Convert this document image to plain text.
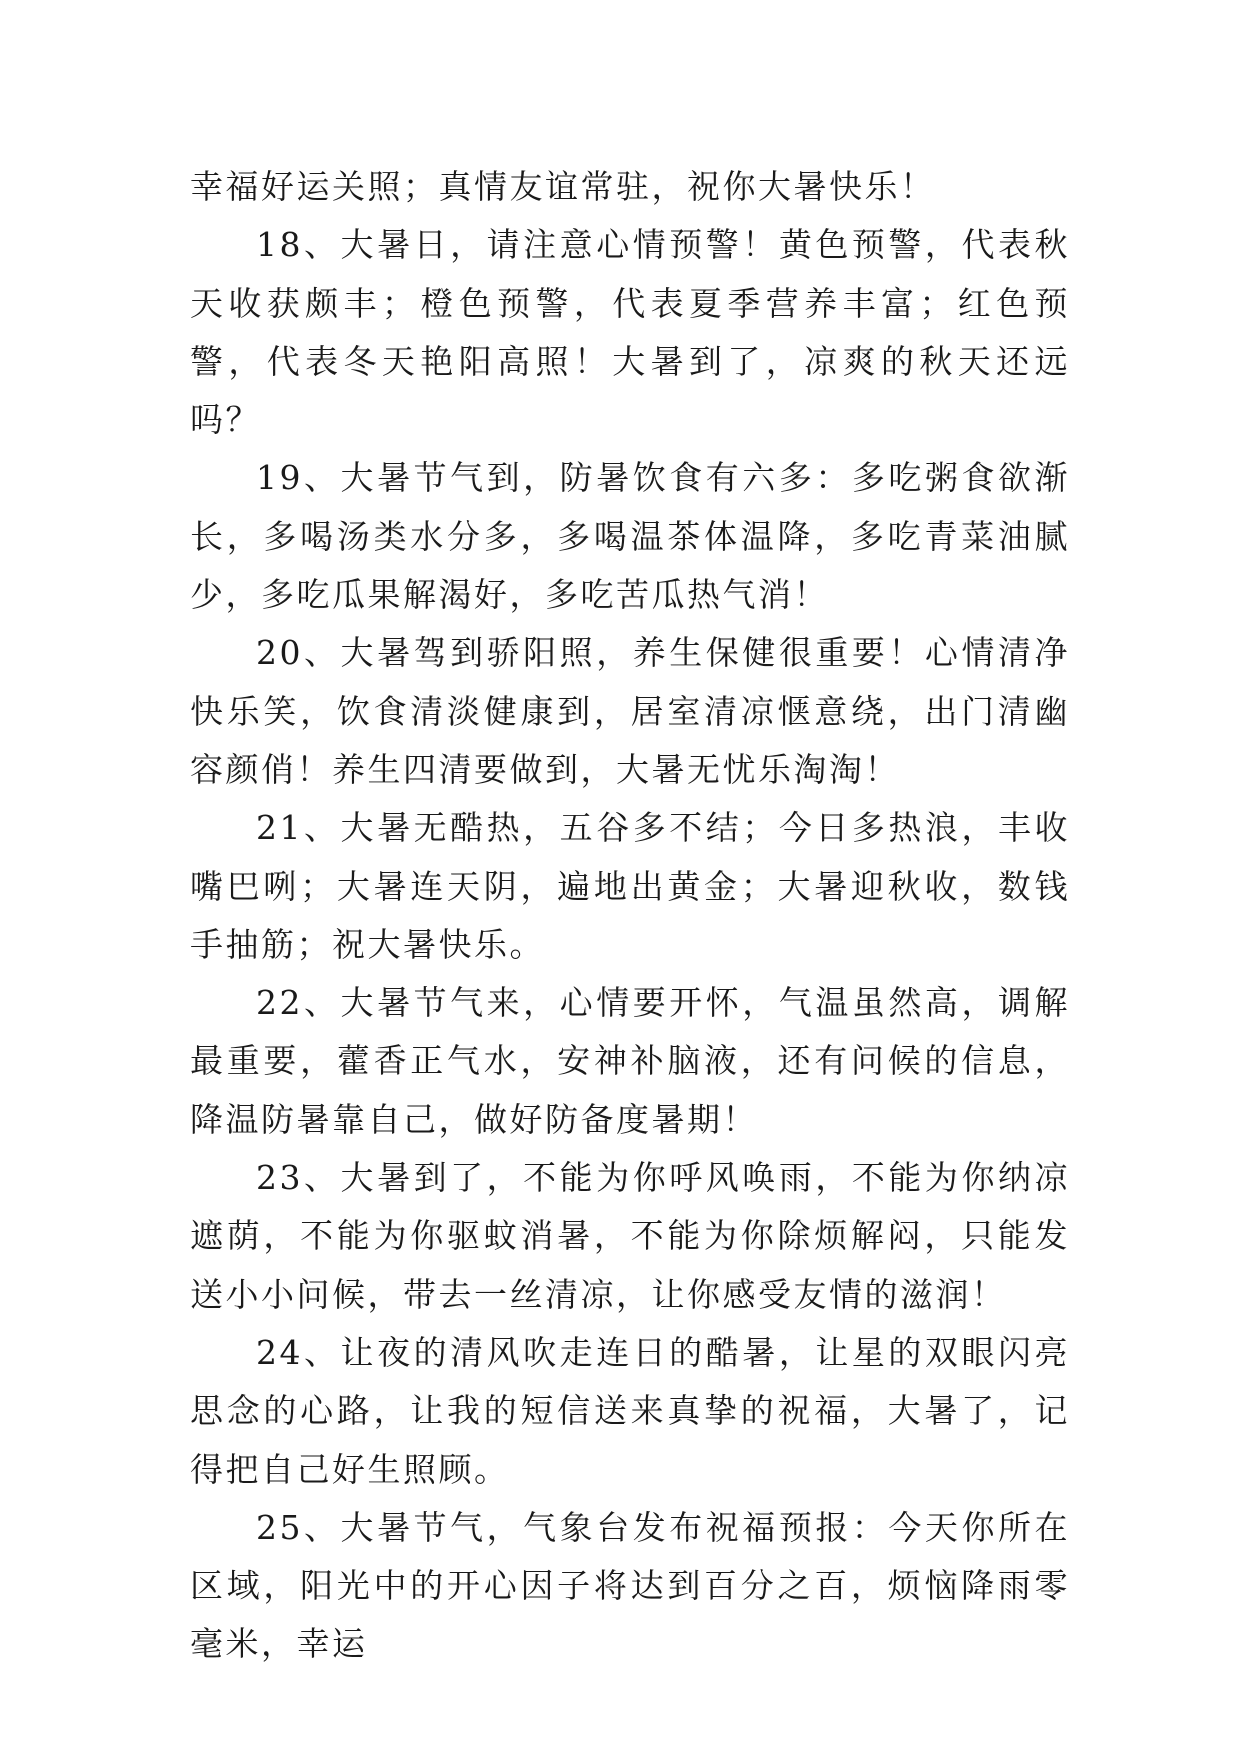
幸福好运关照；真情友谊常驻，祝你大暑快乐！

18、大暑日，请注意心情预警！黄色预警，代表秋天收获颇丰；橙色预警，代表夏季营养丰富；红色预警，代表冬天艳阳高照！大暑到了，凉爽的秋天还远吗？

19、大暑节气到，防暑饮食有六多：多吃粥食欲渐长，多喝汤类水分多，多喝温茶体温降，多吃青菜油腻少，多吃瓜果解渴好，多吃苦瓜热气消！

20、大暑驾到骄阳照，养生保健很重要！心情清净快乐笑，饮食清淡健康到，居室清凉惬意绕，出门清幽容颜俏！养生四清要做到，大暑无忧乐淘淘！

21、大暑无酷热，五谷多不结；今日多热浪，丰收嘴巴咧；大暑连天阴，遍地出黄金；大暑迎秋收，数钱手抽筋；祝大暑快乐。

22、大暑节气来，心情要开怀，气温虽然高，调解最重要，藿香正气水，安神补脑液，还有问候的信息，降温防暑靠自己，做好防备度暑期！

23、大暑到了，不能为你呼风唤雨，不能为你纳凉遮荫，不能为你驱蚊消暑，不能为你除烦解闷，只能发送小小问候，带去一丝清凉，让你感受友情的滋润！

24、让夜的清风吹走连日的酷暑，让星的双眼闪亮思念的心路，让我的短信送来真挚的祝福，大暑了，记得把自己好生照顾。

25、大暑节气，气象台发布祝福预报：今天你所在区域，阳光中的开心因子将达到百分之百，烦恼降雨零毫米，幸运
